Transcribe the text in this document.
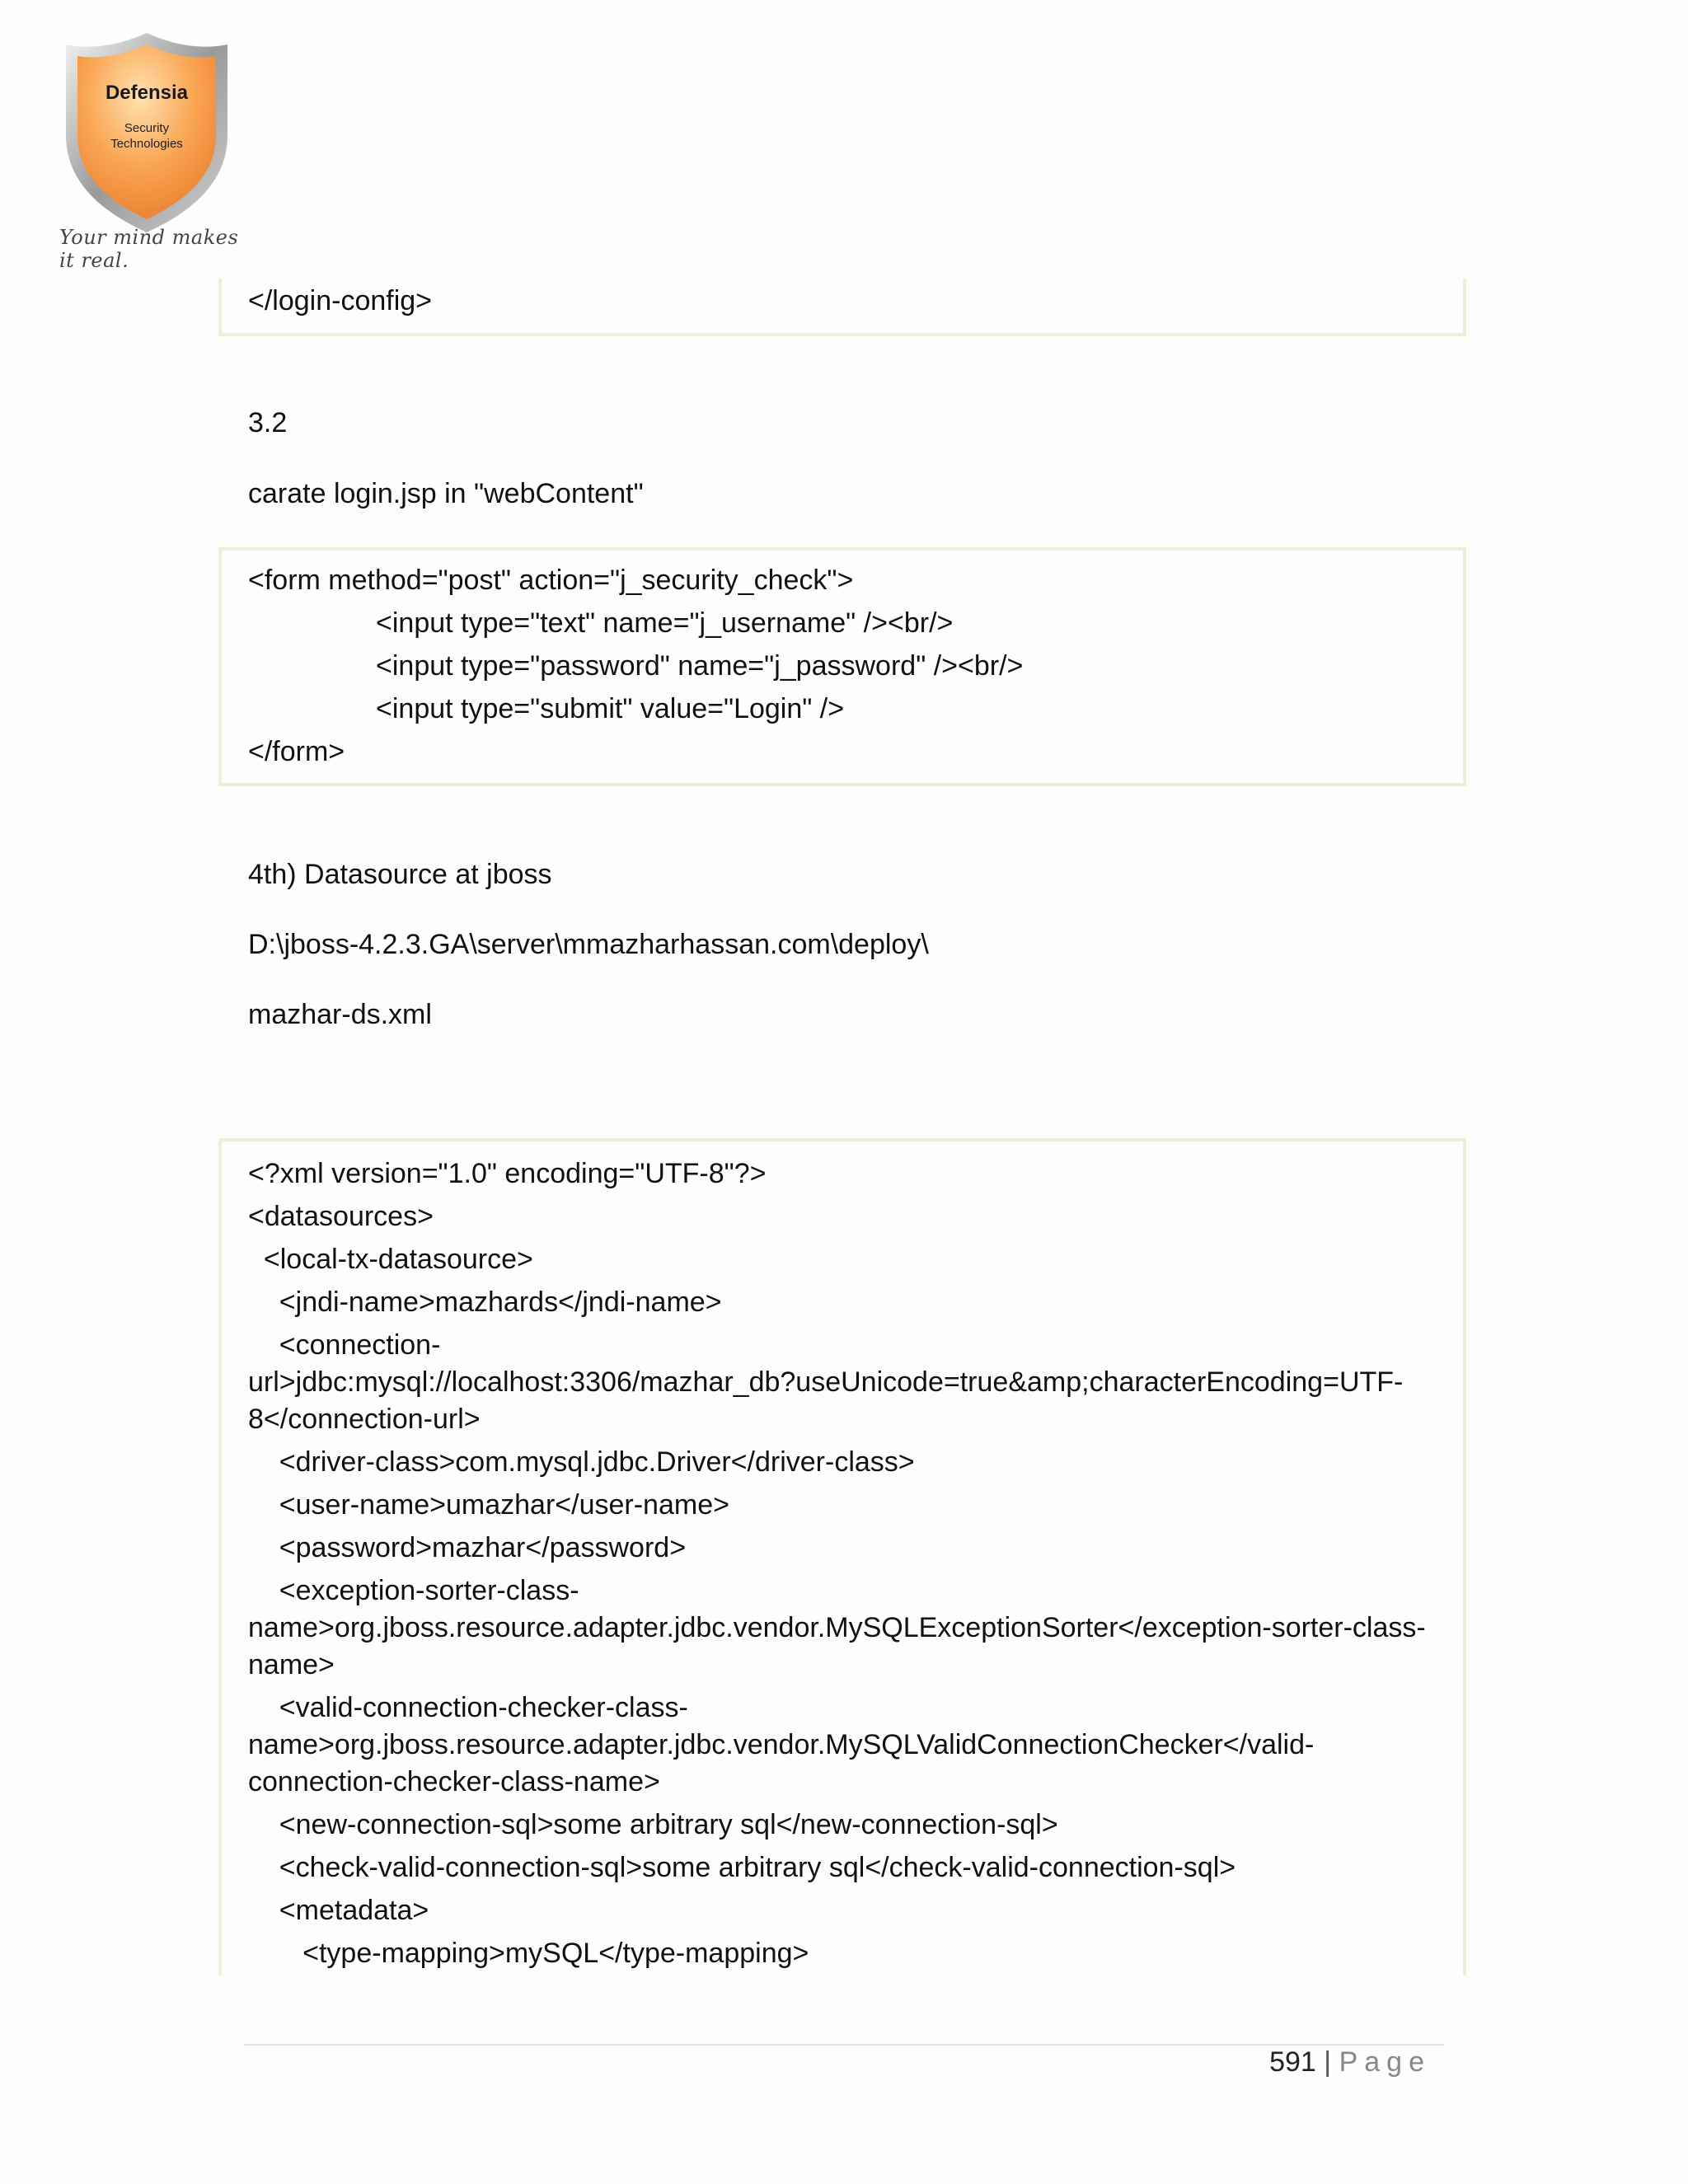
Defensia
Security
Technologies
Your mind makes it real.
</login-config>
3.2
carate login.jsp in "webContent"
<form method="post" action="j_security_check">
<input type="text" name="j_username" /><br/>
<input type="password" name="j_password" /><br/>
<input type="submit" value="Login" />
</form>
4th) Datasource at jboss
D:\jboss-4.2.3.GA\server\mmazharhassan.com\deploy\
mazhar-ds.xml
<?xml version="1.0" encoding="UTF-8"?>
<datasources>
<local-tx-datasource>
<jndi-name>mazhards</jndi-name>
<connection-
url>jdbc:mysql://localhost:3306/mazhar_db?useUnicode=true&amp;characterEncoding=UTF-
8</connection-url>
<driver-class>com.mysql.jdbc.Driver</driver-class>
<user-name>umazhar</user-name>
<password>mazhar</password>
<exception-sorter-class-
name>org.jboss.resource.adapter.jdbc.vendor.MySQLExceptionSorter</exception-sorter-class-
name>
<valid-connection-checker-class-
name>org.jboss.resource.adapter.jdbc.vendor.MySQLValidConnectionChecker</valid-
connection-checker-class-name>
<new-connection-sql>some arbitrary sql</new-connection-sql>
<check-valid-connection-sql>some arbitrary sql</check-valid-connection-sql>
<metadata>
<type-mapping>mySQL</type-mapping>
591 | Page
